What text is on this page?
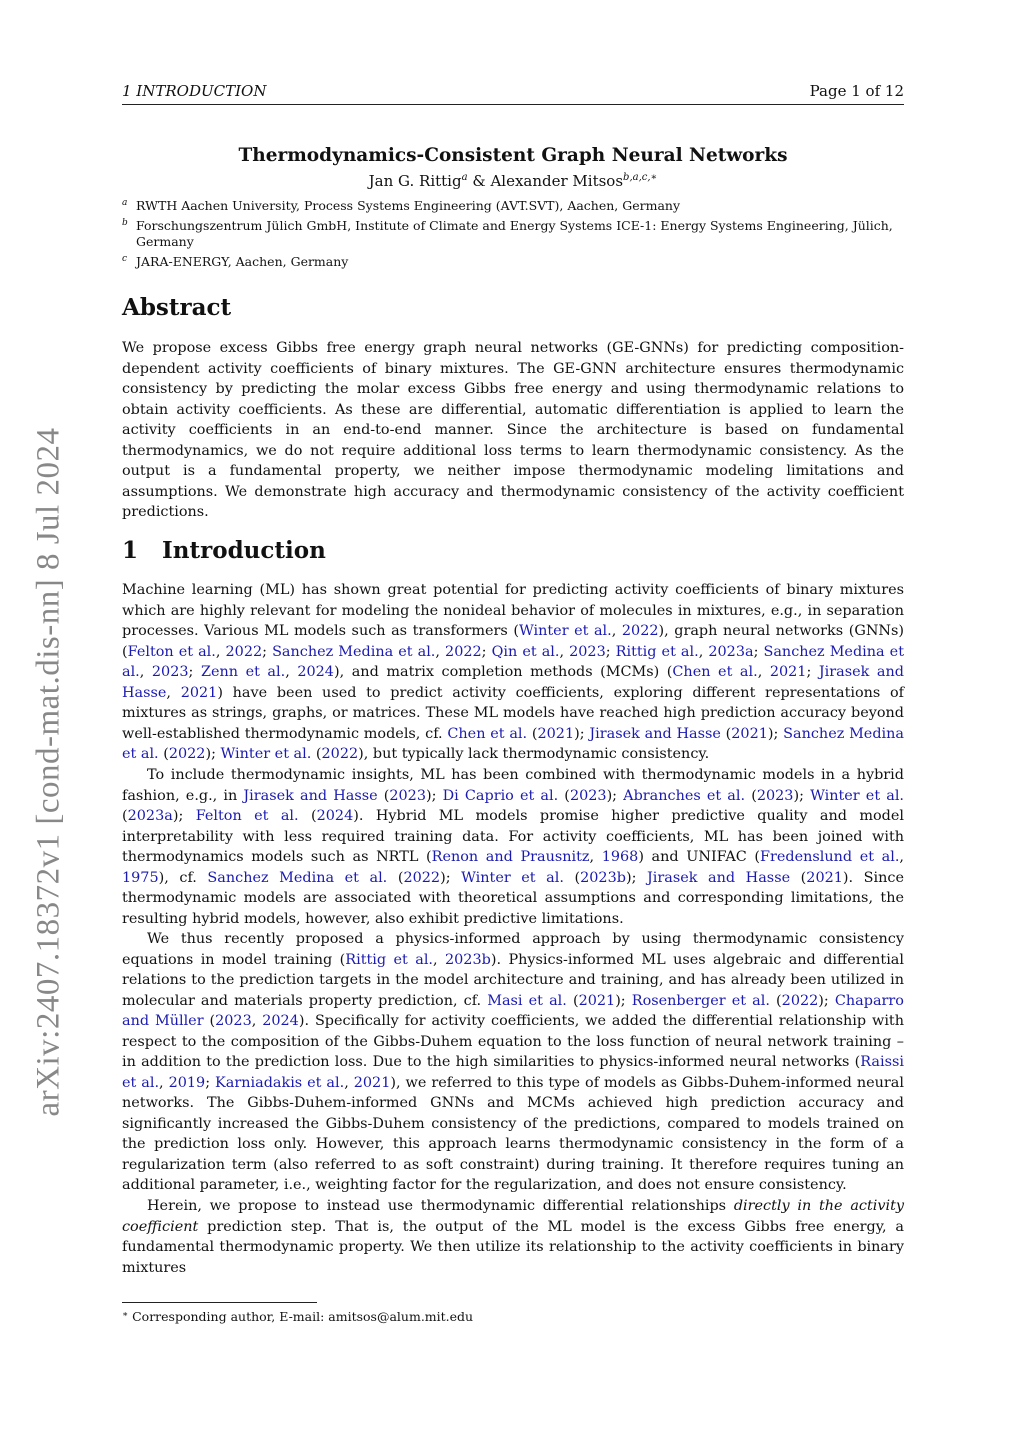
1 INTRODUCTION	Page 1 of 12
arXiv:2407.18372v1 [cond-mat.dis-nn] 8 Jul 2024
Thermodynamics-Consistent Graph Neural Networks
Jan G. Rittig$^a$ & Alexander Mitsos$^{b,a,c,∗}$
a RWTH Aachen University, Process Systems Engineering (AVT.SVT), Aachen, Germany
b Forschungszentrum Jülich GmbH, Institute of Climate and Energy Systems ICE-1: Energy Systems Engineering, Jülich, Germany
c JARA-ENERGY, Aachen, Germany
Abstract

We propose excess Gibbs free energy graph neural networks (GE-GNNs) for predicting composition-dependent activity coefficients of binary mixtures. The GE-GNN architecture ensures thermodynamic consistency by predicting the molar excess Gibbs free energy and using thermodynamic relations to obtain activity coefficients. As these are differential, automatic differentiation is applied to learn the activity coefficients in an end-to-end manner. Since the architecture is based on fundamental thermodynamics, we do not require additional loss terms to learn thermodynamic consistency. As the output is a fundamental property, we neither impose thermodynamic modeling limitations and assumptions. We demonstrate high accuracy and thermodynamic consistency of the activity coefficient predictions.

1 Introduction

Machine learning (ML) has shown great potential for predicting activity coefficients of binary mixtures which are highly relevant for modeling the nonideal behavior of molecules in mixtures, e.g., in separation processes. Various ML models such as transformers (Winter et al., 2022), graph neural networks (GNNs) (Felton et al., 2022; Sanchez Medina et al., 2022; Qin et al., 2023; Rittig et al., 2023a; Sanchez Medina et al., 2023; Zenn et al., 2024), and matrix completion methods (MCMs) (Chen et al., 2021; Jirasek and Hasse, 2021) have been used to predict activity coefficients, exploring different representations of mixtures as strings, graphs, or matrices. These ML models have reached high prediction accuracy beyond well-established thermodynamic models, cf. Chen et al. (2021); Jirasek and Hasse (2021); Sanchez Medina et al. (2022); Winter et al. (2022), but typically lack thermodynamic consistency.

To include thermodynamic insights, ML has been combined with thermodynamic models in a hybrid fashion, e.g., in Jirasek and Hasse (2023); Di Caprio et al. (2023); Abranches et al. (2023); Winter et al. (2023a); Felton et al. (2024). Hybrid ML models promise higher predictive quality and model interpretability with less required training data. For activity coefficients, ML has been joined with thermodynamics models such as NRTL (Renon and Prausnitz, 1968) and UNIFAC (Fredenslund et al., 1975), cf. Sanchez Medina et al. (2022); Winter et al. (2023b); Jirasek and Hasse (2021). Since thermodynamic models are associated with theoretical assumptions and corresponding limitations, the resulting hybrid models, however, also exhibit predictive limitations.

We thus recently proposed a physics-informed approach by using thermodynamic consistency equations in model training (Rittig et al., 2023b). Physics-informed ML uses algebraic and differential relations to the prediction targets in the model architecture and training, and has already been utilized in molecular and materials property prediction, cf. Masi et al. (2021); Rosenberger et al. (2022); Chaparro and Müller (2023, 2024). Specifically for activity coefficients, we added the differential relationship with respect to the composition of the Gibbs-Duhem equation to the loss function of neural network training – in addition to the prediction loss. Due to the high similarities to physics-informed neural networks (Raissi et al., 2019; Karniadakis et al., 2021), we referred to this type of models as Gibbs-Duhem-informed neural networks. The Gibbs-Duhem-informed GNNs and MCMs achieved high prediction accuracy and significantly increased the Gibbs-Duhem consistency of the predictions, compared to models trained on the prediction loss only. However, this approach learns thermodynamic consistency in the form of a regularization term (also referred to as soft constraint) during training. It therefore requires tuning an additional parameter, i.e., weighting factor for the regularization, and does not ensure consistency.

Herein, we propose to instead use thermodynamic differential relationships directly in the activity coefficient prediction step. That is, the output of the ML model is the excess Gibbs free energy, a fundamental thermodynamic property. We then utilize its relationship to the activity coefficients in binary mixtures

∗ Corresponding author, E-mail: amitsos@alum.mit.edu
